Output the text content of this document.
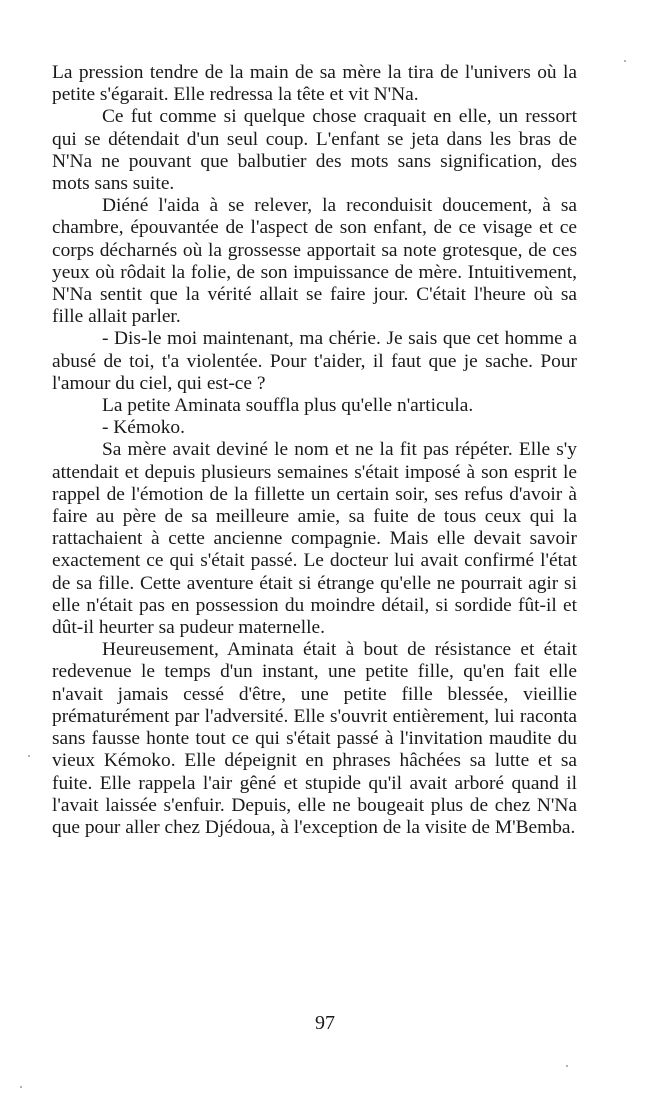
La pression tendre de la main de sa mère la tira de l'univers où la petite s'égarait. Elle redressa la tête et vit N'Na.

Ce fut comme si quelque chose craquait en elle, un ressort qui se détendait d'un seul coup. L'enfant se jeta dans les bras de N'Na ne pouvant que balbutier des mots sans signification, des mots sans suite.

Diéné l'aida à se relever, la reconduisit doucement, à sa chambre, épouvantée de l'aspect de son enfant, de ce visage et ce corps décharnés où la grossesse apportait sa note grotesque, de ces yeux où rôdait la folie, de son impuissance de mère. Intuitivement, N'Na sentit que la vérité allait se faire jour. C'était l'heure où sa fille allait parler.

- Dis-le moi maintenant, ma chérie. Je sais que cet homme a abusé de toi, t'a violentée. Pour t'aider, il faut que je sache. Pour l'amour du ciel, qui est-ce ?

La petite Aminata souffla plus qu'elle n'articula.

- Kémoko.

Sa mère avait deviné le nom et ne la fit pas répéter. Elle s'y attendait et depuis plusieurs semaines s'était imposé à son esprit le rappel de l'émotion de la fillette un certain soir, ses refus d'avoir à faire au père de sa meilleure amie, sa fuite de tous ceux qui la rattachaient à cette ancienne compagnie. Mais elle devait savoir exactement ce qui s'était passé. Le docteur lui avait confirmé l'état de sa fille. Cette aventure était si étrange qu'elle ne pourrait agir si elle n'était pas en possession du moindre détail, si sordide fût-il et dût-il heurter sa pudeur maternelle.

Heureusement, Aminata était à bout de résistance et était redevenue le temps d'un instant, une petite fille, qu'en fait elle n'avait jamais cessé d'être, une petite fille blessée, vieillie prématurément par l'adversité. Elle s'ouvrit entièrement, lui raconta sans fausse honte tout ce qui s'était passé à l'invitation maudite du vieux Kémoko. Elle dépeignit en phrases hâchées sa lutte et sa fuite. Elle rappela l'air gêné et stupide qu'il avait arboré quand il l'avait laissée s'enfuir. Depuis, elle ne bougeait plus de chez N'Na que pour aller chez Djédoua, à l'exception de la visite de M'Bemba.

97
